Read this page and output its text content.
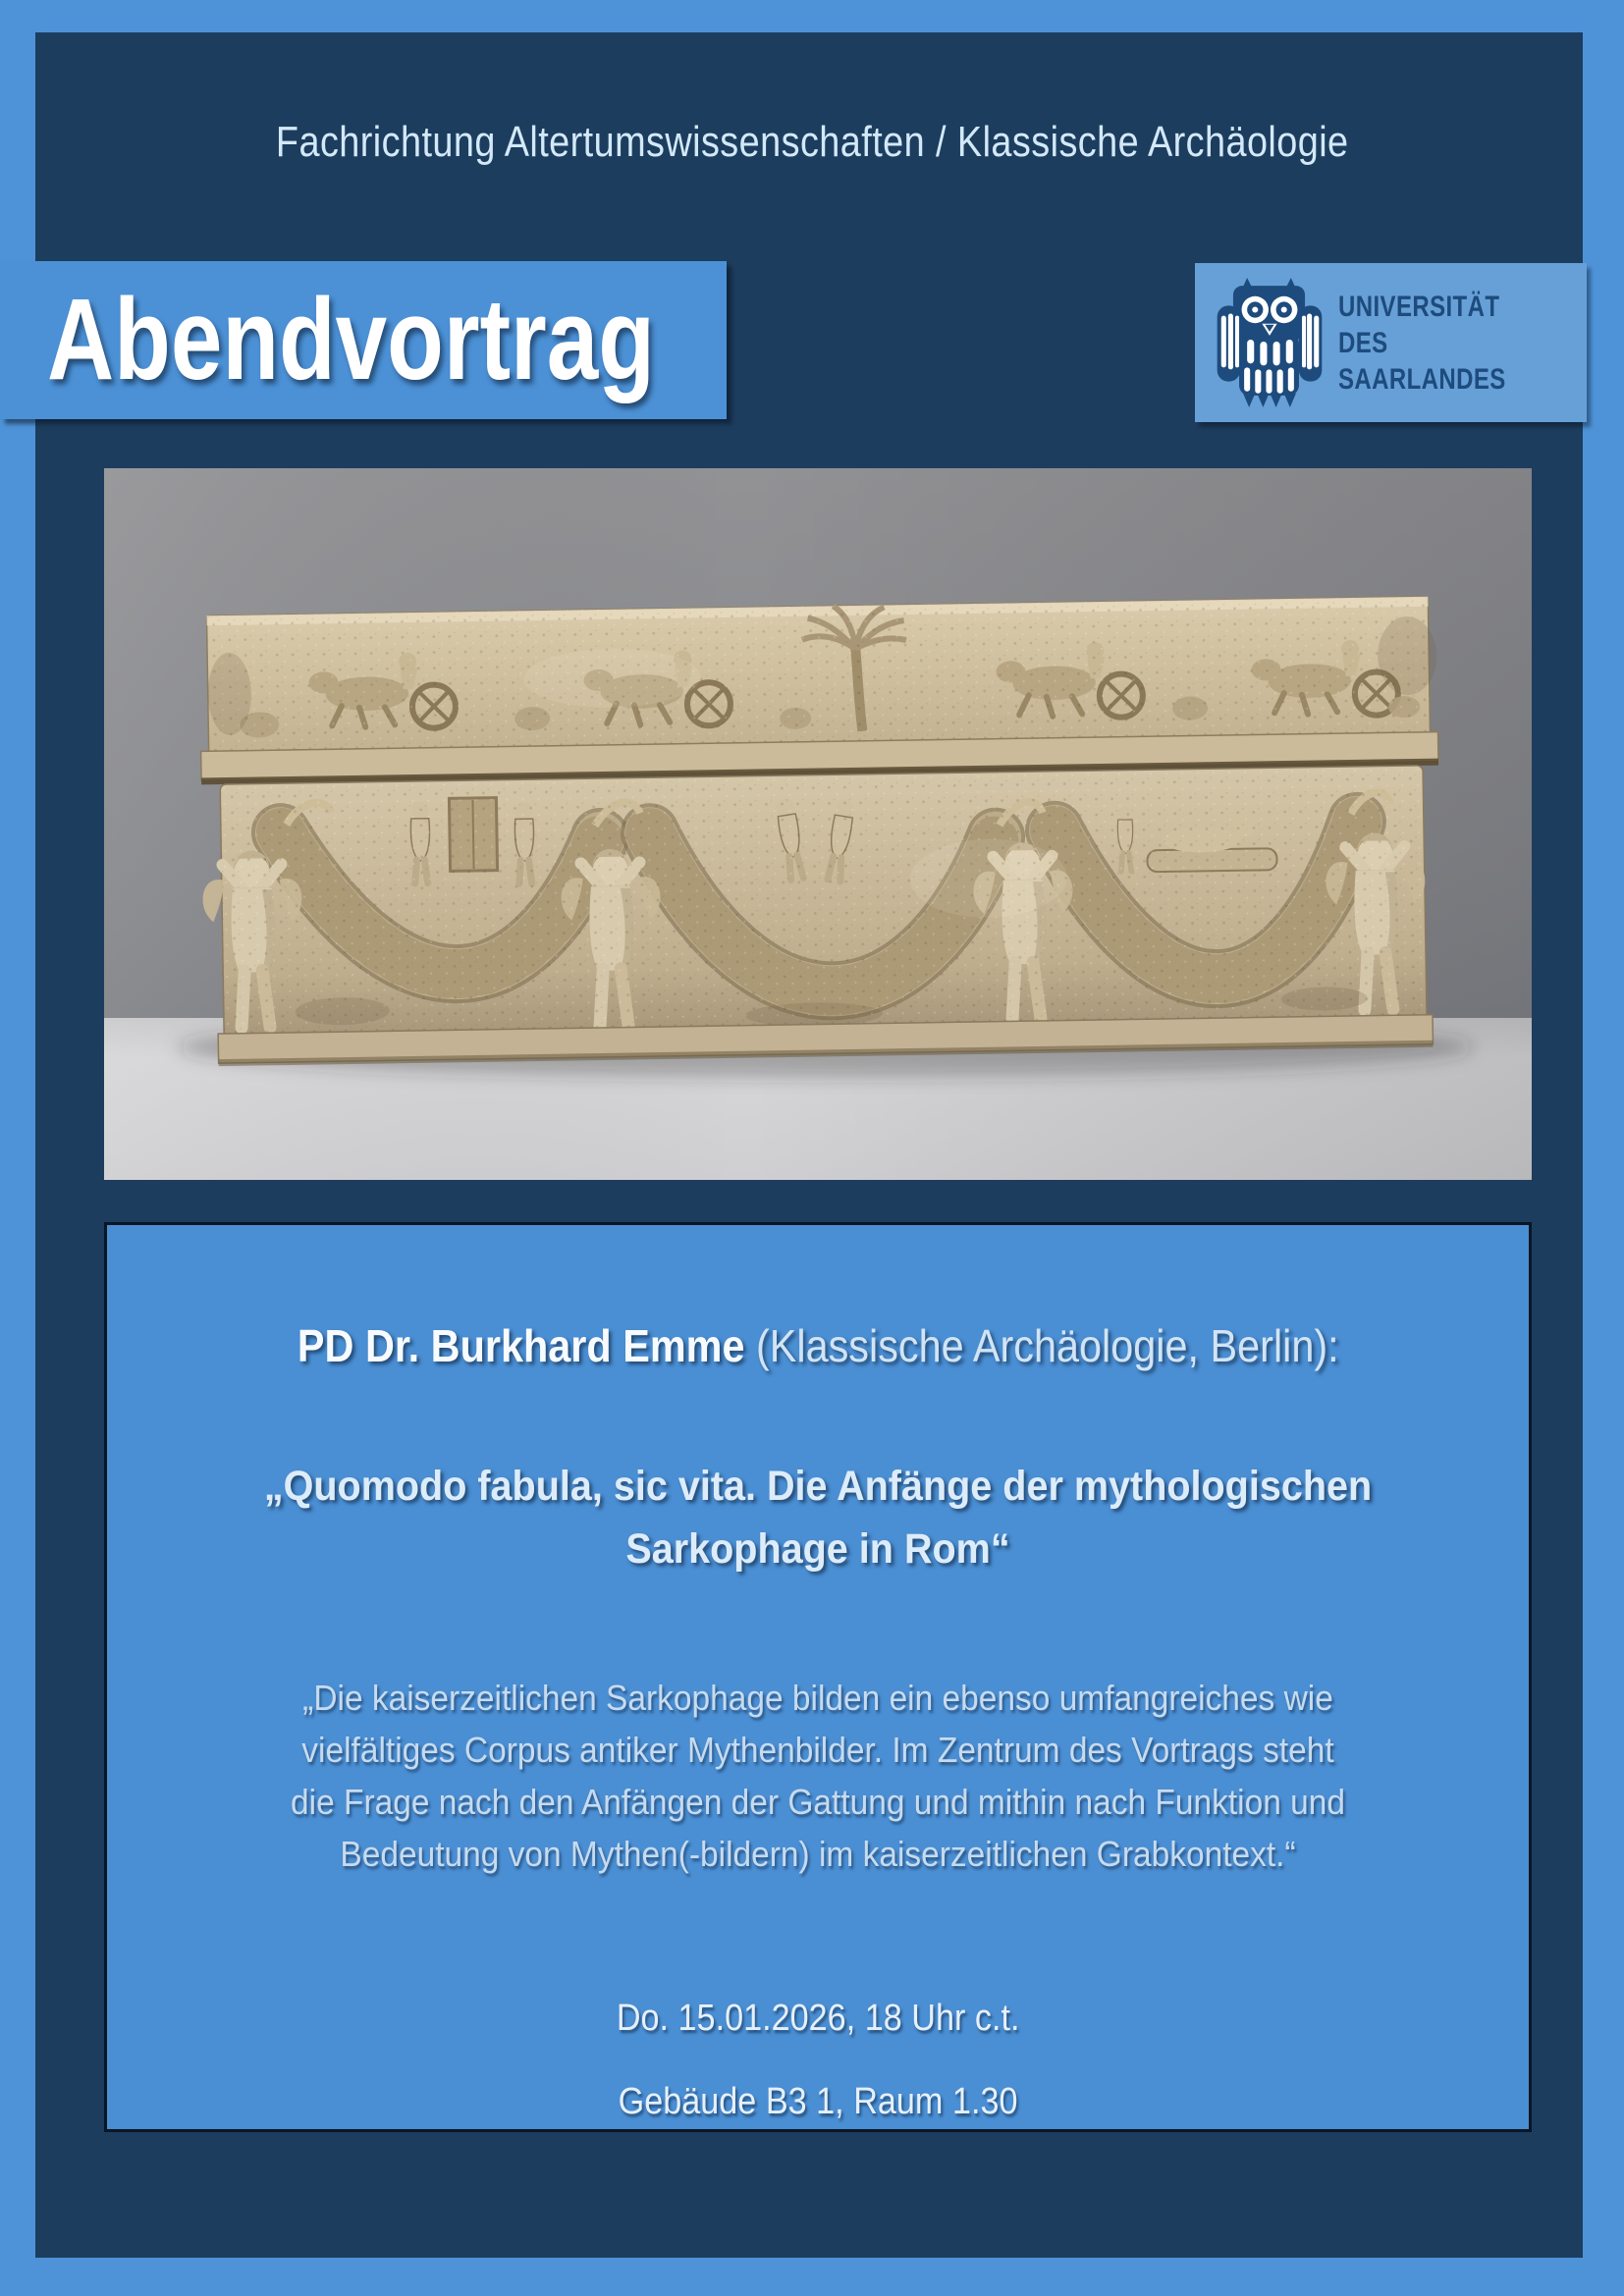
Fachrichtung Altertumswissenschaften / Klassische Archäologie
Abendvortrag	UNIVERSITÄT
DES
SAARLANDES
PD Dr. Burkhard Emme (Klassische Archäologie, Berlin):
„Quomodo fabula, sic vita. Die Anfänge der mythologischen
Sarkophage in Rom“
„Die kaiserzeitlichen Sarkophage bilden ein ebenso umfangreiches wie
vielfältiges Corpus antiker Mythenbilder. Im Zentrum des Vortrags steht
die Frage nach den Anfängen der Gattung und mithin nach Funktion und
Bedeutung von Mythen(-bildern) im kaiserzeitlichen Grabkontext.“
Do. 15.01.2026, 18 Uhr c.t.
Gebäude B3 1, Raum 1.30
